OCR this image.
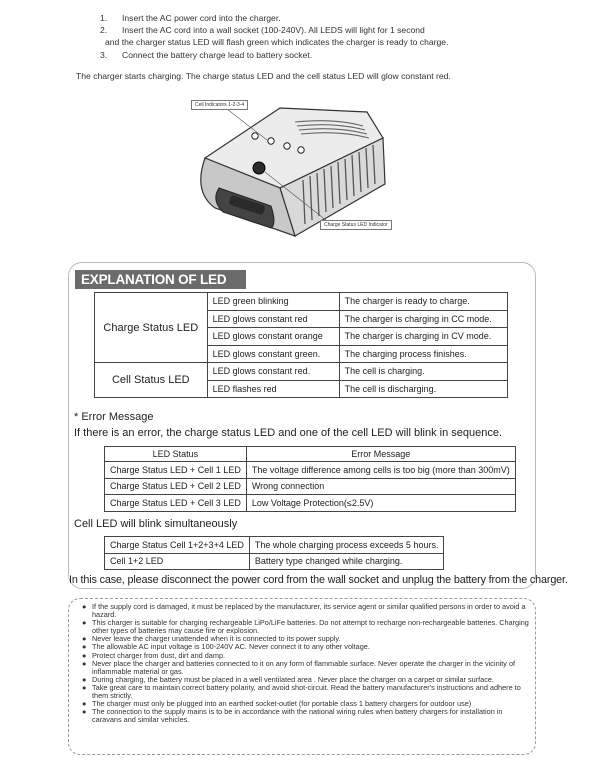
1. Insert the AC power cord into the charger.
2. Insert the AC cord into a wall socket (100-240V). All LEDS will light for 1 second
and the charger status LED will flash green which indicates the charger is ready to charge.
3. Connect the battery charge lead to battery socket.
The charger starts charging. The charge status LED and the cell status LED will glow constant red.
Cell Indicators 1-2-3-4
Charge Status LED Indicator
EXPLANATION OF LED STATUS
Charge Status LED	LED green blinking	The charger is ready to charge.
	LED glows constant red	The charger is charging in CC mode.
	LED glows constant orange	The charger is charging in CV mode.
	LED glows constant green.	The charging process finishes.
Cell Status LED	LED glows constant red.	The cell is charging.
	LED flashes red	The cell is discharging.
* Error Message
If there is an error, the charge status LED and one of the cell LED will blink in sequence.
LED Status	Error Message
Charge Status LED + Cell 1 LED	The voltage difference among cells is too big (more than 300mV)
Charge Status LED + Cell 2 LED	Wrong connection
Charge Status LED + Cell 3 LED	Low Voltage Protection(≤2.5V)
Cell LED will blink simultaneously
Charge Status Cell 1+2+3+4 LED	The whole charging process exceeds 5 hours.
Cell 1+2 LED	Battery type changed while charging.
In this case, please disconnect the power cord from the wall socket and unplug the battery from the charger.
● If the supply cord is damaged, it must be replaced by the manufacturer, its service agent or similar qualified persons in order to avoid a hazard.
● This charger is suitable for charging rechargeable LiPo/LiFe batteries. Do not attempt to recharge non-rechargeable batteries. Charging other types of batteries may cause fire or explosion.
● Never leave the charger unattended when it is connected to its power supply.
● The allowable AC input voltage is 100-240V AC. Never connect it to any other voltage.
● Protect charger from dust, dirt and damp.
● Never place the charger and batteries connected to it on any form of flammable surface. Never operate the charger in the vicinity of inflammable material or gas.
● During charging, the battery must be placed in a well ventilated area . Never place the charger on a carpet or similar surface.
● Take great care to maintain correct battery polarity, and avoid shot-circuit. Read the battery manufacturer's instructions and adhere to them strictly.
● The charger must only be plugged into an earthed socket-outlet (for portable class 1 battery chargers for outdoor use)
● The connection to the supply mains is to be in accordance with the national wiring rules when battery chargers for installation in caravans and similar vehicles.
